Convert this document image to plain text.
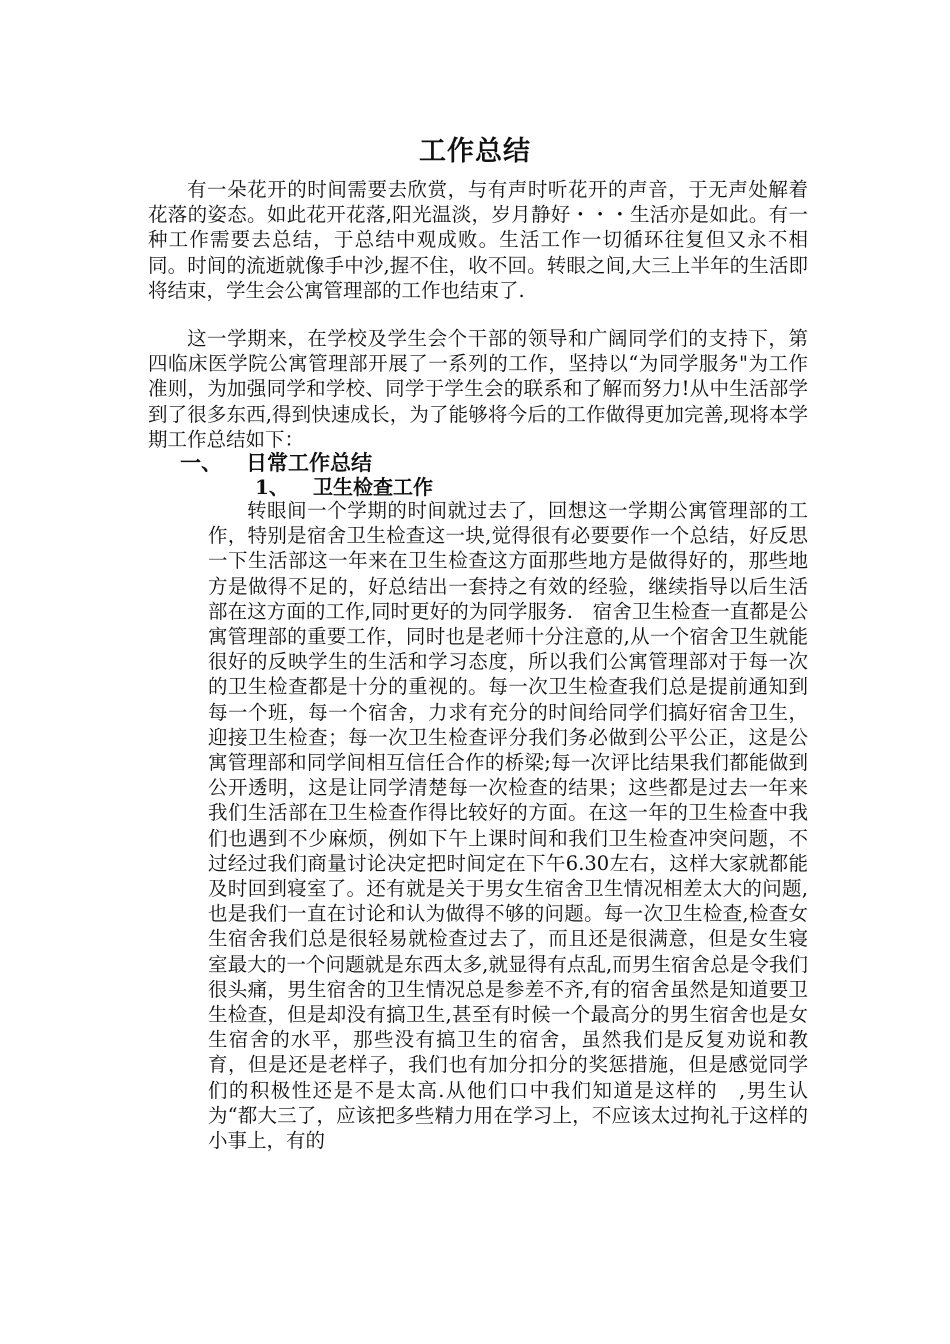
工作总结

有一朵花开的时间需要去欣赏，与有声时听花开的声音，于无声处解着花落的姿态。如此花开花落,阳光温淡，岁月静好・・・生活亦是如此。有一种工作需要去总结，于总结中观成败。生活工作一切循环往复但又永不相同。时间的流逝就像手中沙,握不住，收不回。转眼之间,大三上半年的生活即将结束，学生会公寓管理部的工作也结束了.

这一学期来，在学校及学生会个干部的领导和广阔同学们的支持下，第四临床医学院公寓管理部开展了一系列的工作，坚持以“为同学服务"为工作准则，为加强同学和学校、同学于学生会的联系和了解而努力!从中生活部学到了很多东西,得到快速成长，为了能够将今后的工作做得更加完善,现将本学期工作总结如下：

一、 日常工作总结
1、 卫生检查工作

转眼间一个学期的时间就过去了，回想这一学期公寓管理部的工作，特别是宿舍卫生检查这一块,觉得很有必要要作一个总结，好反思一下生活部这一年来在卫生检查这方面那些地方是做得好的，那些地方是做得不足的，好总结出一套持之有效的经验，继续指导以后生活部在这方面的工作,同时更好的为同学服务.　宿舍卫生检查一直都是公寓管理部的重要工作，同时也是老师十分注意的,从一个宿舍卫生就能很好的反映学生的生活和学习态度，所以我们公寓管理部对于每一次的卫生检查都是十分的重视的。每一次卫生检查我们总是提前通知到每一个班，每一个宿舍，力求有充分的时间给同学们搞好宿舍卫生，迎接卫生检查；每一次卫生检查评分我们务必做到公平公正，这是公寓管理部和同学间相互信任合作的桥梁;每一次评比结果我们都能做到公开透明，这是让同学清楚每一次检查的结果；这些都是过去一年来我们生活部在卫生检查作得比较好的方面。在这一年的卫生检查中我们也遇到不少麻烦，例如下午上课时间和我们卫生检查冲突问题，不过经过我们商量讨论决定把时间定在下午6.30左右，这样大家就都能及时回到寝室了。还有就是关于男女生宿舍卫生情况相差太大的问题,也是我们一直在讨论和认为做得不够的问题。每一次卫生检查,检查女生宿舍我们总是很轻易就检查过去了，而且还是很满意，但是女生寝室最大的一个问题就是东西太多,就显得有点乱,而男生宿舍总是令我们很头痛，男生宿舍的卫生情况总是参差不齐,有的宿舍虽然是知道要卫生检查，但是却没有搞卫生,甚至有时候一个最高分的男生宿舍也是女生宿舍的水平，那些没有搞卫生的宿舍，虽然我们是反复劝说和教育，但是还是老样子，我们也有加分扣分的奖惩措施，但是感觉同学们的积极性还是不是太高.从他们口中我们知道是这样的　,男生认为“都大三了，应该把多些精力用在学习上，不应该太过拘礼于这样的小事上，有的
